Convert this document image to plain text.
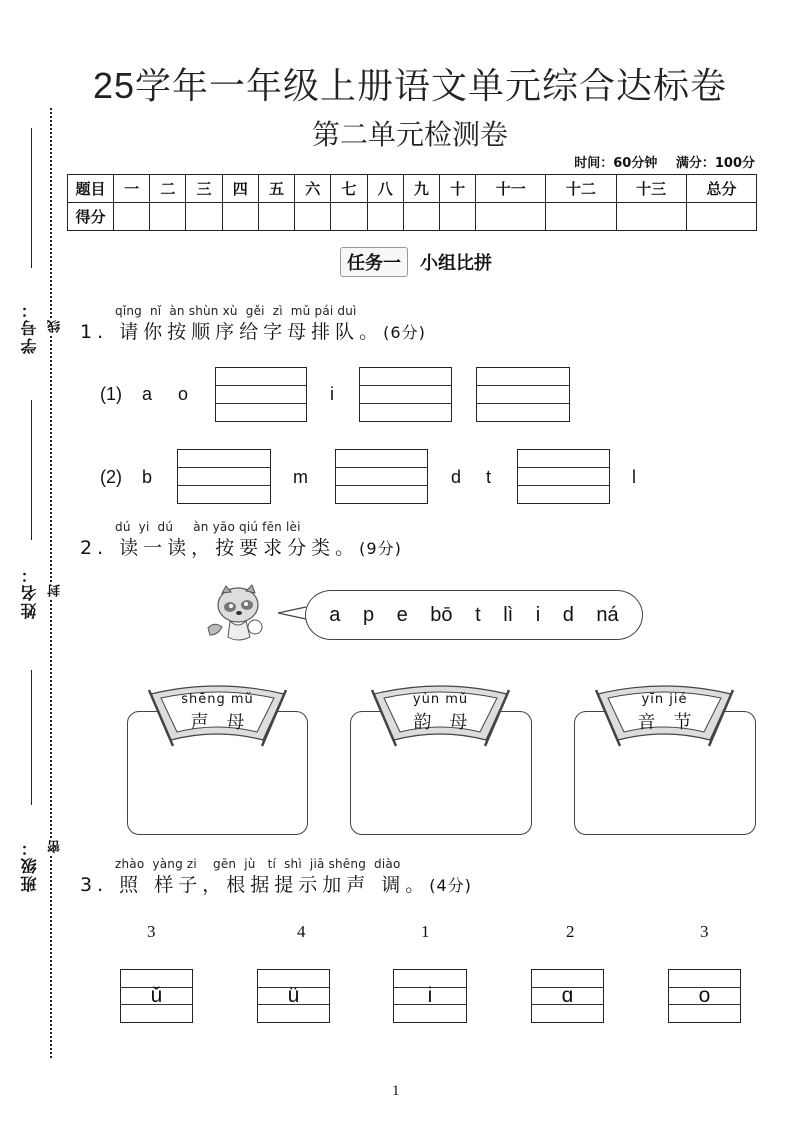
学号：
姓名：
班级：
线
封
密
25学年一年级上册语文单元综合达标卷
第二单元检测卷
时间：60分钟 满分：100分
题目	一	二	三	四	五	六	七	八	九	十	十一	十二	十三	总分
得分														
任务一	小组比拼
qǐng  nǐ  àn shùn xù  gěi  zì  mǔ pái duì
1. 请你按顺序给字母排队。(6分)
(1) a o	i
(2) b	m	d t	l
dú  yi  dú     àn yāo qiú fēn lèi
2. 读一读，按要求分类。(9分)
a p e bō t lì i d ná
shēng mǔ
声母
yùn mǔ
韵母
yīn jié
音节
zhào  yàng zi    gēn  jù   tí  shì  jiā shēng  diào
3. 照 样子，根据提示加声 调。(4分)
3	4	1	2	3
ǔ	ü	i	ɑ	o
1
